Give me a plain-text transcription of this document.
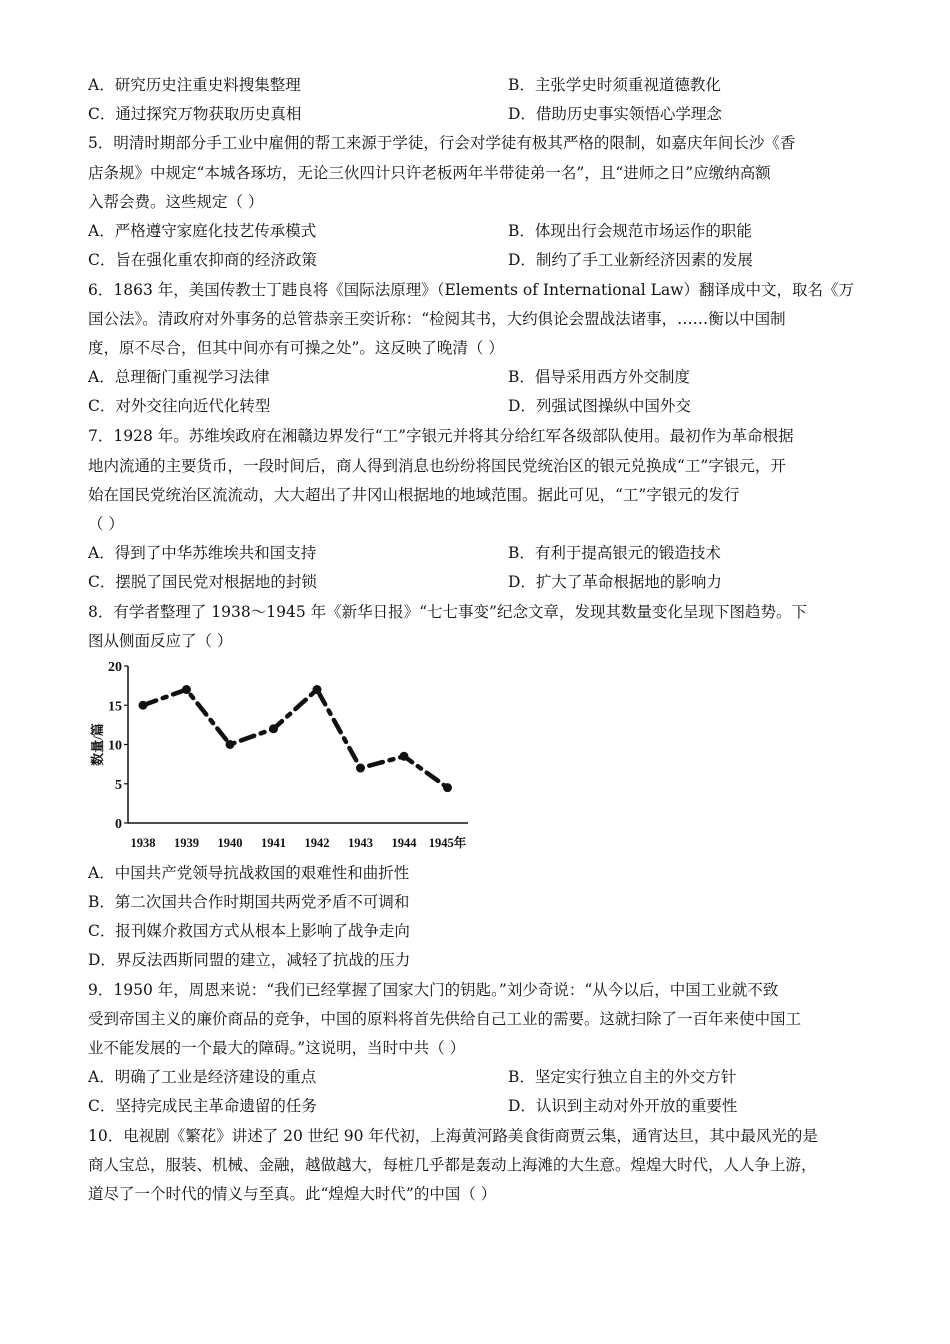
A．研究历史注重史料搜集整理	B．主张学史时须重视道德教化
C．通过探究万物获取历史真相	D．借助历史事实领悟心学理念
5．明清时期部分手工业中雇佣的帮工来源于学徒，行会对学徒有极其严格的限制，如嘉庆年间长沙《香
店条规》中规定“本城各琢坊，无论三伙四计只许老板两年半带徒弟一名”，且“进师之日”应缴纳高额
入帮会费。这些规定（ ）
A．严格遵守家庭化技艺传承模式	B．体现出行会规范市场运作的职能
C．旨在强化重农抑商的经济政策	D．制约了手工业新经济因素的发展
6．1863 年，美国传教士丁韪良将《国际法原理》（Elements of International Law）翻译成中文，取名《万
国公法》。清政府对外事务的总管恭亲王奕䜣称：“检阅其书，大约俱论会盟战法诸事，……衡以中国制
度，原不尽合，但其中间亦有可操之处”。这反映了晚清（ ）
A．总理衙门重视学习法律	B．倡导采用西方外交制度
C．对外交往向近代化转型	D．列强试图操纵中国外交
7．1928 年。苏维埃政府在湘赣边界发行“工”字银元并将其分给红军各级部队使用。最初作为革命根据
地内流通的主要货币，一段时间后，商人得到消息也纷纷将国民党统治区的银元兑换成“工”字银元，开
始在国民党统治区流流动，大大超出了井冈山根据地的地域范围。据此可见，“工”字银元的发行
（ ）
A．得到了中华苏维埃共和国支持	B．有利于提高银元的锻造技术
C．摆脱了国民党对根据地的封锁	D．扩大了革命根据地的影响力
8．有学者整理了 1938～1945 年《新华日报》“七七事变”纪念文章，发现其数量变化呈现下图趋势。下
图从侧面反应了（ ）
0
5
10
15
20
数量/篇
1938 1939 1940 1941 1942 1943 1944 1945年
A．中国共产党领导抗战救国的艰难性和曲折性
B．第二次国共合作时期国共两党矛盾不可调和
C．报刊媒介救国方式从根本上影响了战争走向
D．界反法西斯同盟的建立，减轻了抗战的压力
9．1950 年，周恩来说：“我们已经掌握了国家大门的钥匙。”刘少奇说：“从今以后，中国工业就不致
受到帝国主义的廉价商品的竞争，中国的原料将首先供给自己工业的需要。这就扫除了一百年来使中国工
业不能发展的一个最大的障碍。”这说明，当时中共（ ）
A．明确了工业是经济建设的重点	B．坚定实行独立自主的外交方针
C．坚持完成民主革命遗留的任务	D．认识到主动对外开放的重要性
10．电视剧《繁花》讲述了 20 世纪 90 年代初，上海黄河路美食街商贾云集，通宵达旦，其中最风光的是
商人宝总，服装、机械、金融，越做越大，每桩几乎都是轰动上海滩的大生意。煌煌大时代，人人争上游，
道尽了一个时代的情义与至真。此“煌煌大时代”的中国（ ）
